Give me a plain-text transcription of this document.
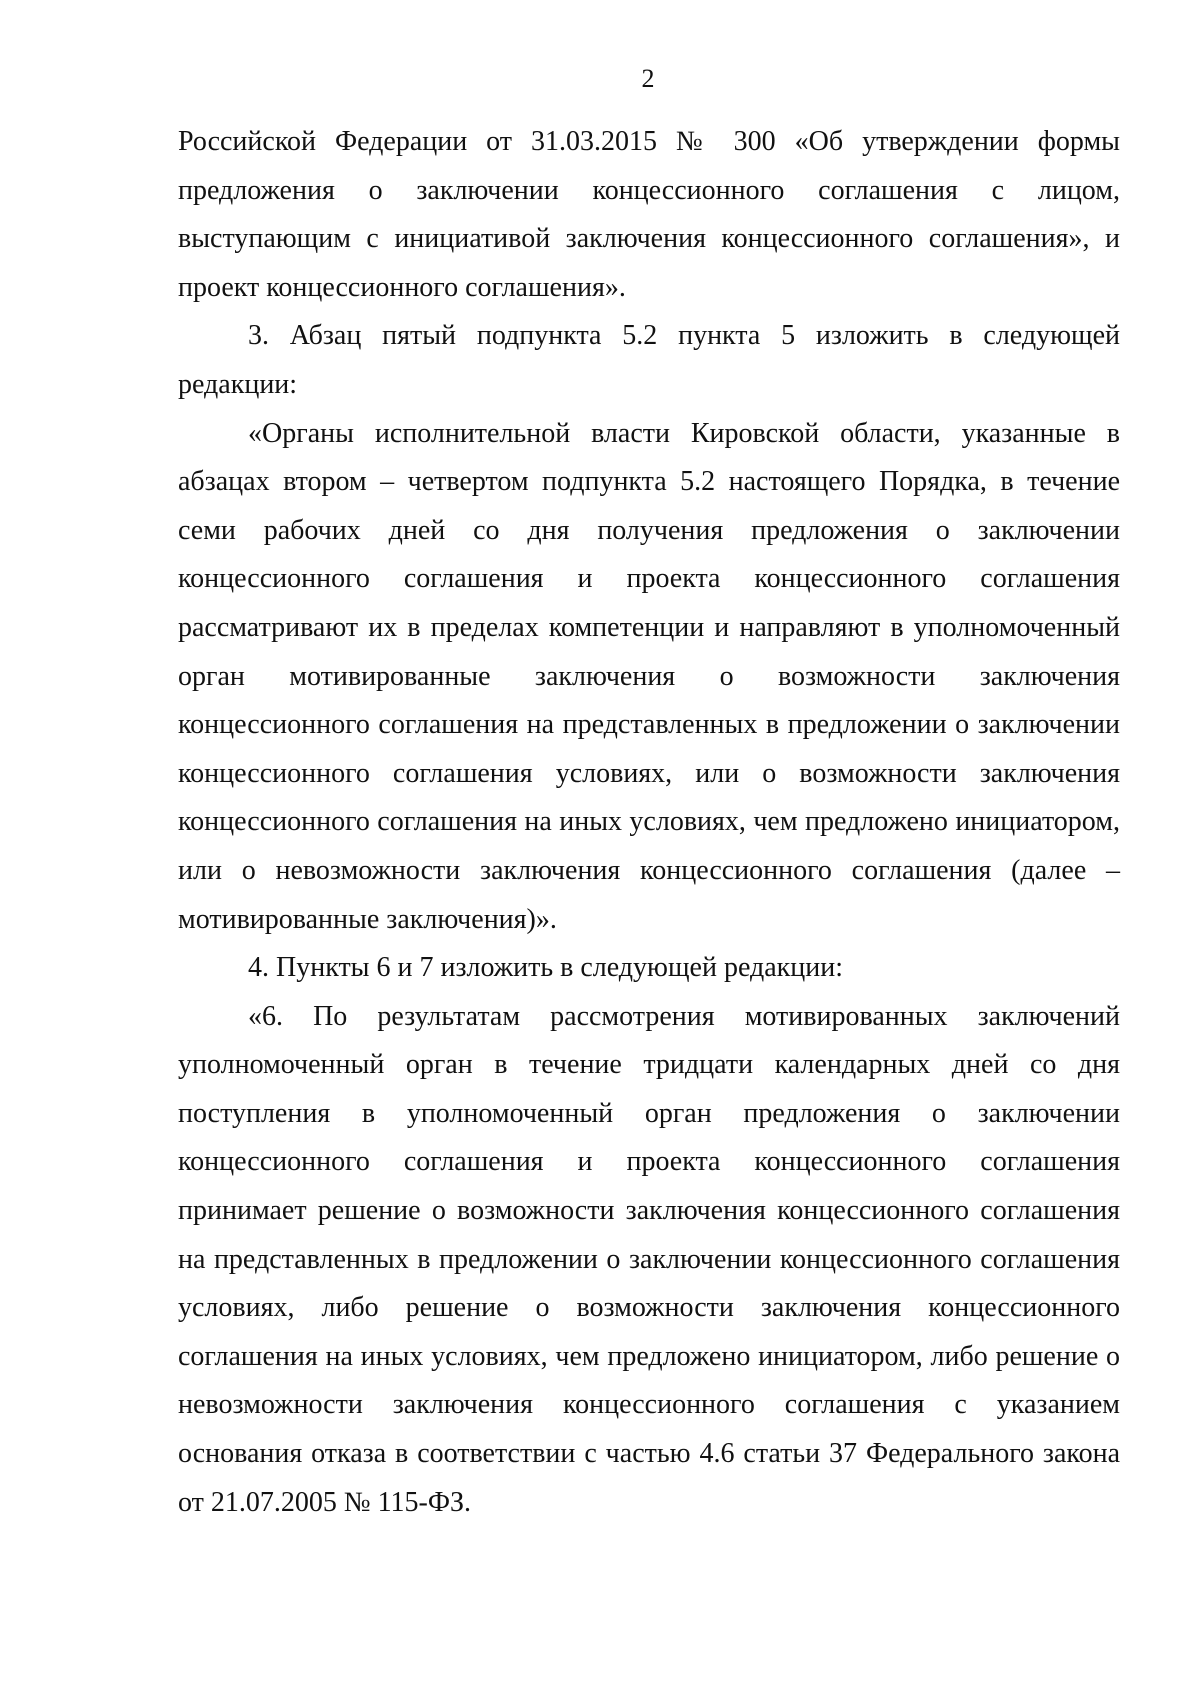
2

Российской Федерации от 31.03.2015 № 300 «Об утверждении формы предложения о заключении концессионного соглашения с лицом, выступающим с инициативой заключения концессионного соглашения», и проект концессионного соглашения».

3. Абзац пятый подпункта 5.2 пункта 5 изложить в следующей редакции:

«Органы исполнительной власти Кировской области, указанные в абзацах втором – четвертом подпункта 5.2 настоящего Порядка, в течение семи рабочих дней со дня получения предложения о заключении концессионного соглашения и проекта концессионного соглашения рассматривают их в пределах компетенции и направляют в уполномоченный орган мотивированные заключения о возможности заключения концессионного соглашения на представленных в предложении о заключении концессионного соглашения условиях, или о возможности заключения концессионного соглашения на иных условиях, чем предложено инициатором, или о невозможности заключения концессионного соглашения (далее – мотивированные заключения)».

4. Пункты 6 и 7 изложить в следующей редакции:

«6. По результатам рассмотрения мотивированных заключений уполномоченный орган в течение тридцати календарных дней со дня поступления в уполномоченный орган предложения о заключении концессионного соглашения и проекта концессионного соглашения принимает решение о возможности заключения концессионного соглашения на представленных в предложении о заключении концессионного соглашения условиях, либо решение о возможности заключения концессионного соглашения на иных условиях, чем предложено инициатором, либо решение о невозможности заключения концессионного соглашения с указанием основания отказа в соответствии с частью 4.6 статьи 37 Федерального закона от 21.07.2005 № 115-ФЗ.
